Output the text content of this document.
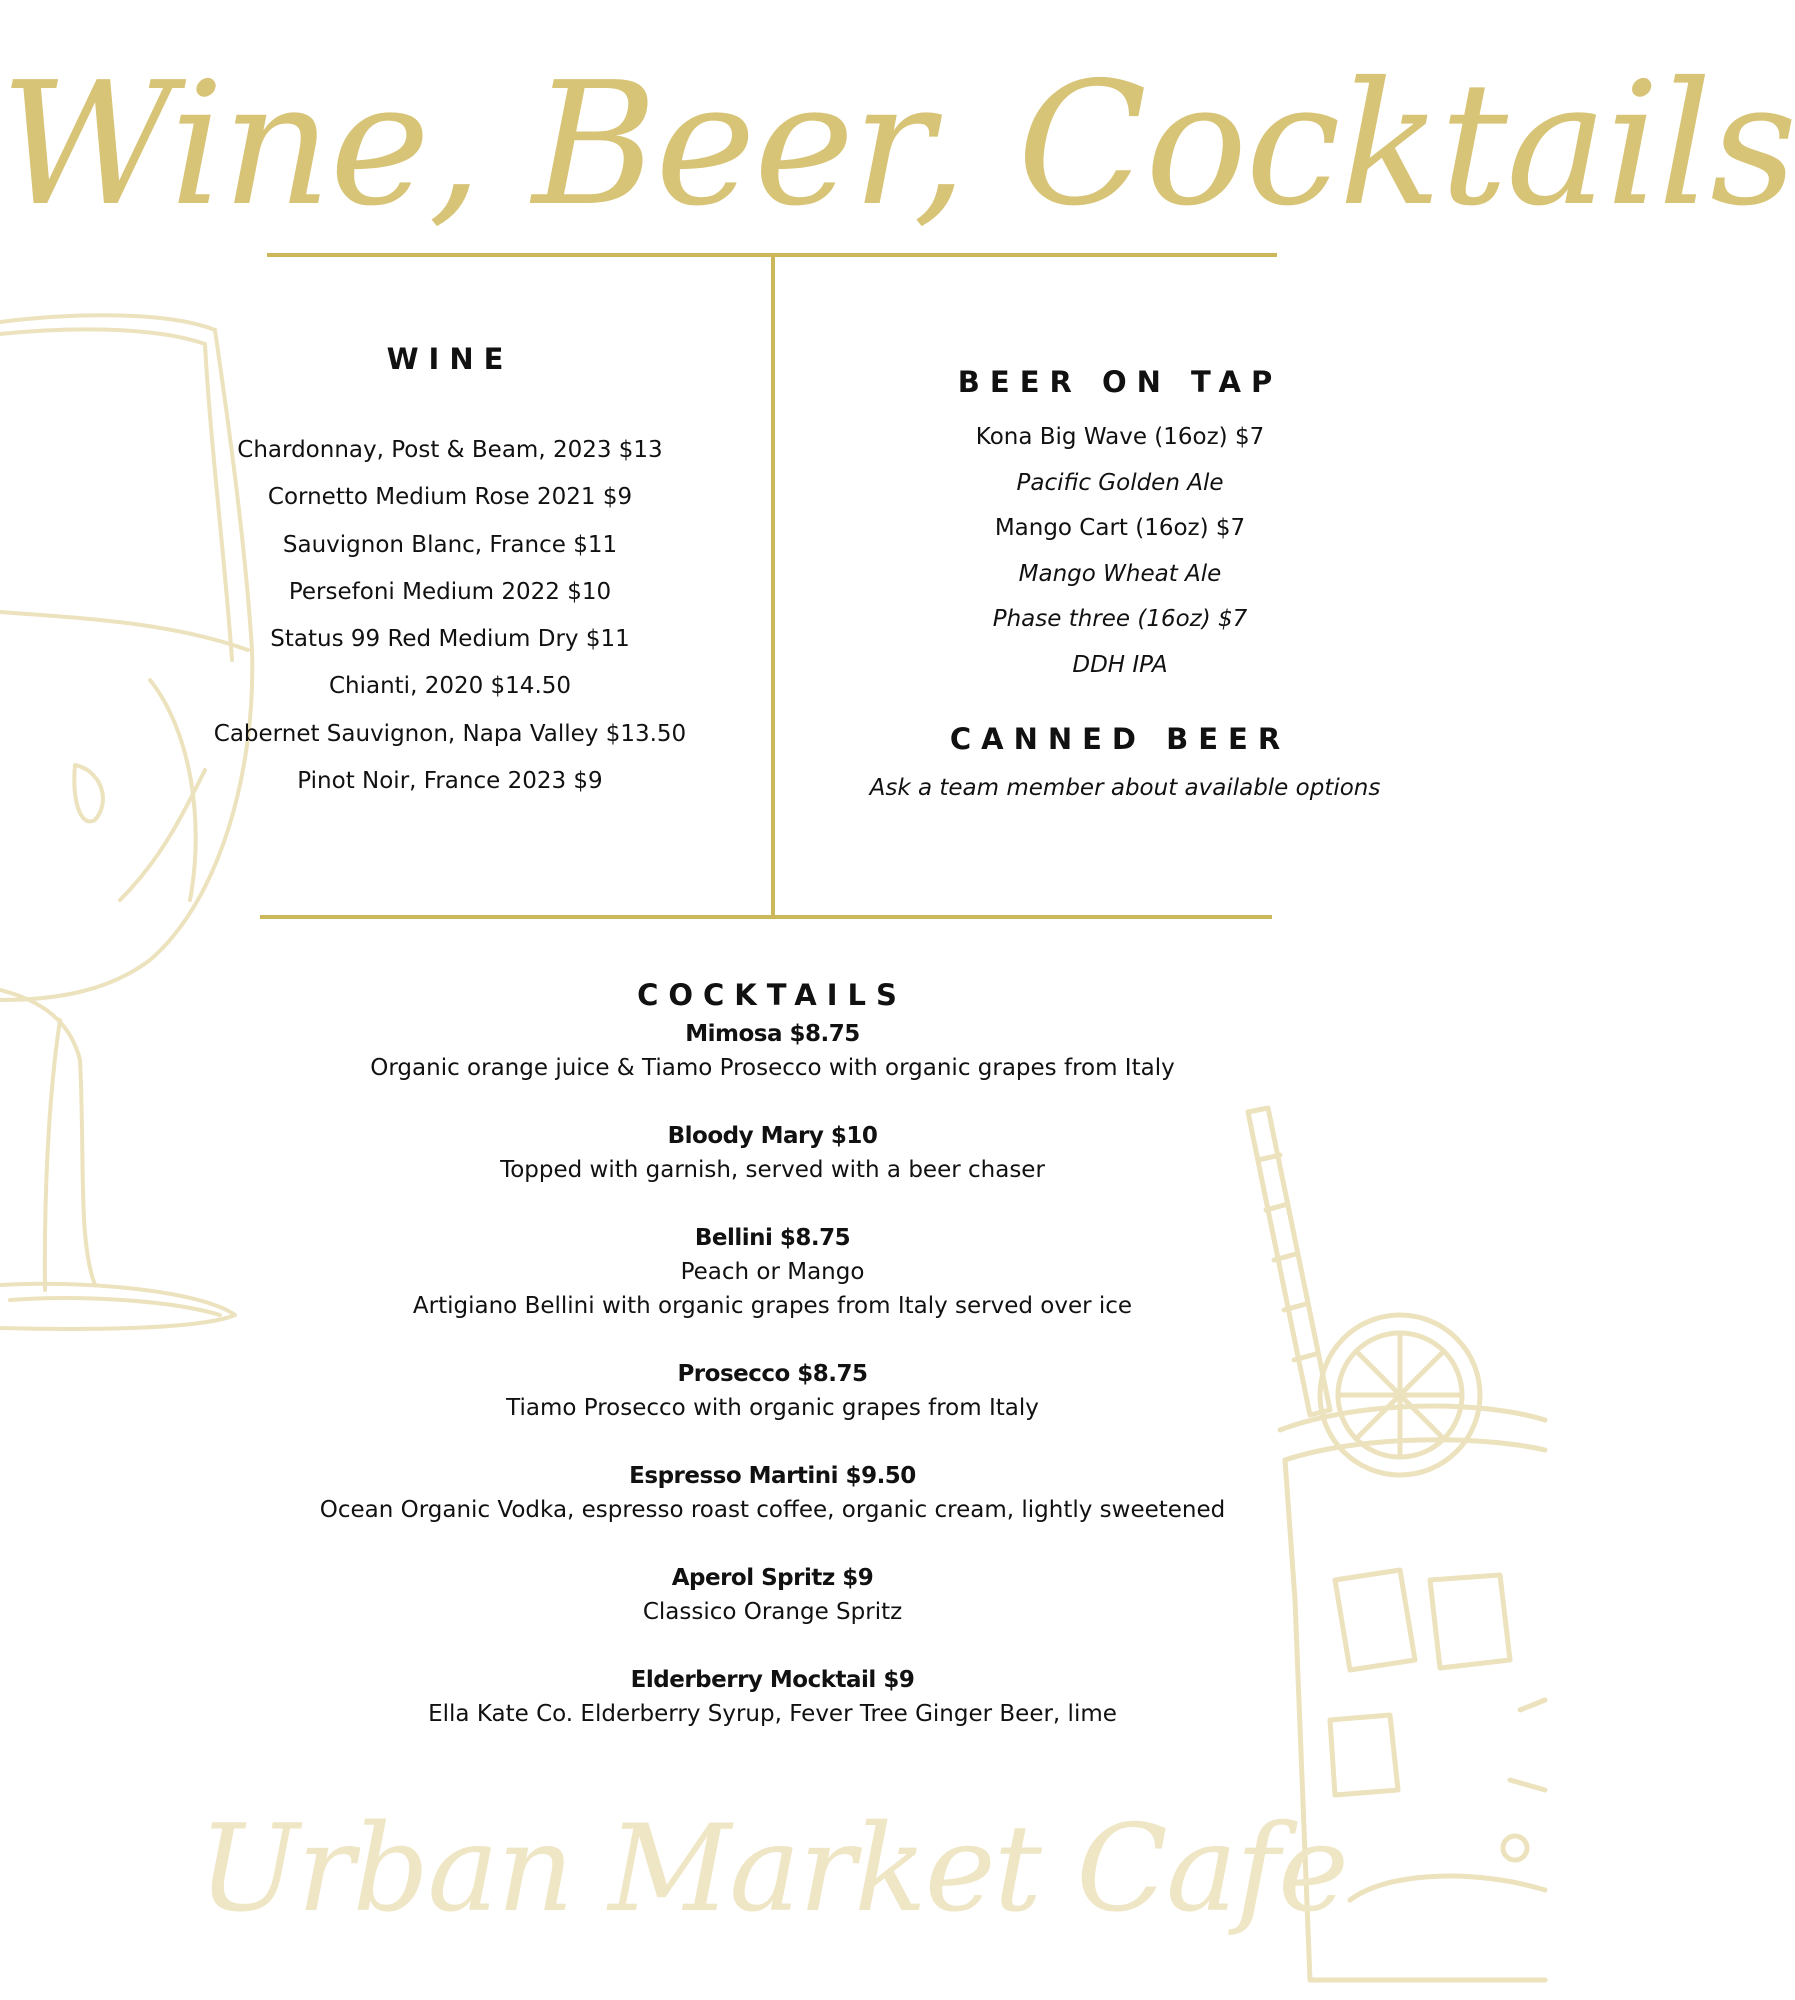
Wine, Beer, Cocktails
WINE
Chardonnay, Post & Beam, 2023 $13
Cornetto Medium Rose 2021 $9
Sauvignon Blanc, France $11
Persefoni Medium 2022 $10
Status 99 Red Medium Dry $11
Chianti, 2020 $14.50
Cabernet Sauvignon, Napa Valley $13.50
Pinot Noir, France 2023 $9
BEER ON TAP
Kona Big Wave (16oz) $7
Pacific Golden Ale
Mango Cart (16oz) $7
Mango Wheat Ale
Phase three (16oz) $7
DDH IPA
CANNED BEER
Ask a team member about available options
COCKTAILS
Mimosa $8.75
Organic orange juice & Tiamo Prosecco with organic grapes from Italy
Bloody Mary $10
Topped with garnish, served with a beer chaser
Bellini $8.75
Peach or Mango
Artigiano Bellini with organic grapes from Italy served over ice
Prosecco $8.75
Tiamo Prosecco with organic grapes from Italy
Espresso Martini $9.50
Ocean Organic Vodka, espresso roast coffee, organic cream, lightly sweetened
Aperol Spritz $9
Classico Orange Spritz
Elderberry Mocktail $9
Ella Kate Co. Elderberry Syrup, Fever Tree Ginger Beer, lime
Urban Market Cafe
